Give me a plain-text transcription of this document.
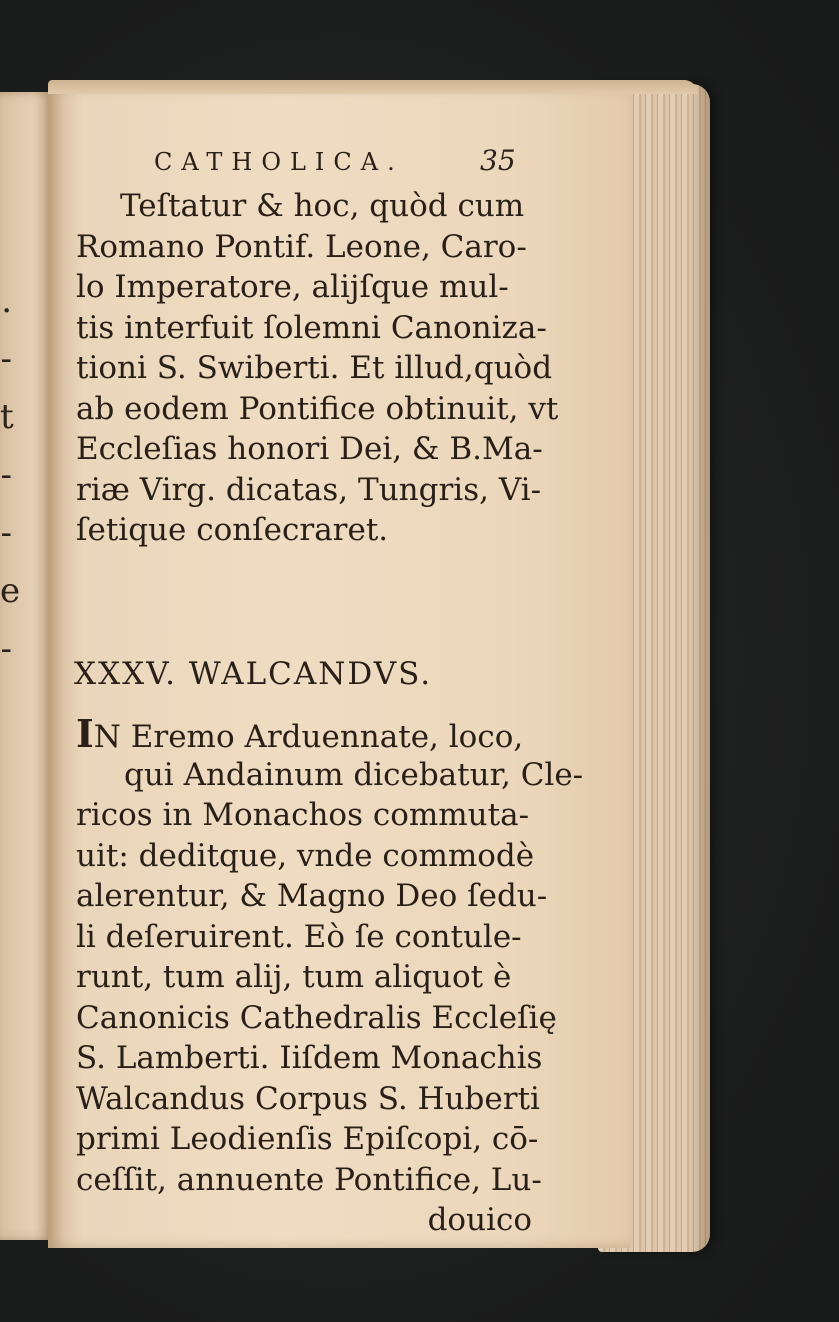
.
-
t
-
-
e
-
CATHOLICA.	35
Teſtatur & hoc, quòd cum
Romano Pontif. Leone, Caro-
lo Imperatore, alijſque mul-
tis interfuit ſolemni Canoniza-
tioni S. Swiberti. Et illud,quòd
ab eodem Pontifice obtinuit, vt
Eccleſias honori Dei, & B.Ma-
riæ Virg. dicatas, Tungris, Vi-
ſetique conſecraret.
XXXV. WALCANDVS.
IN Eremo Arduennate, loco,
qui Andainum dicebatur, Cle-
ricos in Monachos commuta-
uit: deditque, vnde commodè
alerentur, & Magno Deo ſedu-
li deſeruirent. Eò ſe contule-
runt, tum alij, tum aliquot è
Canonicis Cathedralis Eccleſię
S. Lamberti. Iiſdem Monachis
Walcandus Corpus S. Huberti
primi Leodienſis Epiſcopi, cō-
ceſſit, annuente Pontifice, Lu-
douico
